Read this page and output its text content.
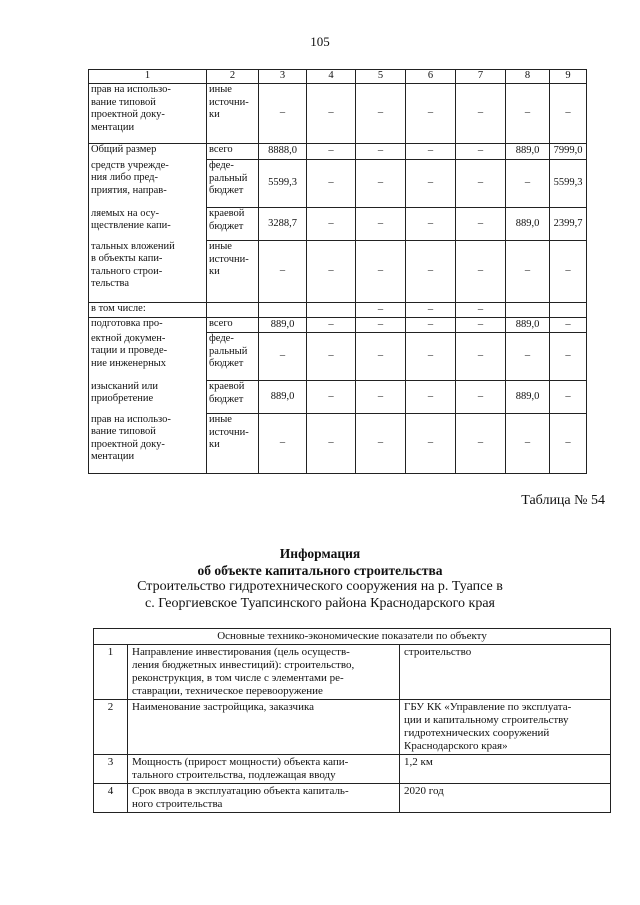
105
1	2	3	4	5	6	7	8	9
прав на использо-
вание типовой
проектной доку-
ментации	иные
источни-
ки	–	–	–	–	–	–	–
Общий размер	всего	8888,0	–	–	–	–	889,0	7999,0
средств учрежде-
ния либо пред-
приятия, направ-	феде-
ральный
бюджет	5599,3	–	–	–	–	–	5599,3
ляемых на осу-
ществление капи-	краевой
бюджет	3288,7	–	–	–	–	889,0	2399,7
тальных вложений
в объекты капи-
тального строи-
тельства	иные
источни-
ки	–	–	–	–	–	–	–
в том числе:				–	–	–		
подготовка про-	всего	889,0	–	–	–	–	889,0	–
ектной докумен-
тации и проведе-
ние инженерных	феде-
ральный
бюджет	–	–	–	–	–	–	–
изысканий или
приобретение	краевой
бюджет	889,0	–	–	–	–	889,0	–
прав на использо-
вание типовой
проектной доку-
ментации	иные
источни-
ки	–	–	–	–	–	–	–
Таблица № 54
Информация
об объекте капитального строительства
Строительство гидротехнического сооружения на р. Туапсе в
с. Георгиевское Туапсинского района Краснодарского края
Основные технико-экономические показатели по объекту		
1	Направление инвестирования (цель осуществ-
ления бюджетных инвестиций): строительство,
реконструкция, в том числе с элементами ре-
ставрации, техническое перевооружение	строительство
2	Наименование застройщика, заказчика	ГБУ КК «Управление по эксплуата-
ции и капитальному строительству
гидротехнических сооружений
Краснодарского края»
3	Мощность (прирост мощности) объекта капи-
тального строительства, подлежащая вводу	1,2 км
4	Срок ввода в эксплуатацию объекта капиталь-
ного строительства	2020 год
